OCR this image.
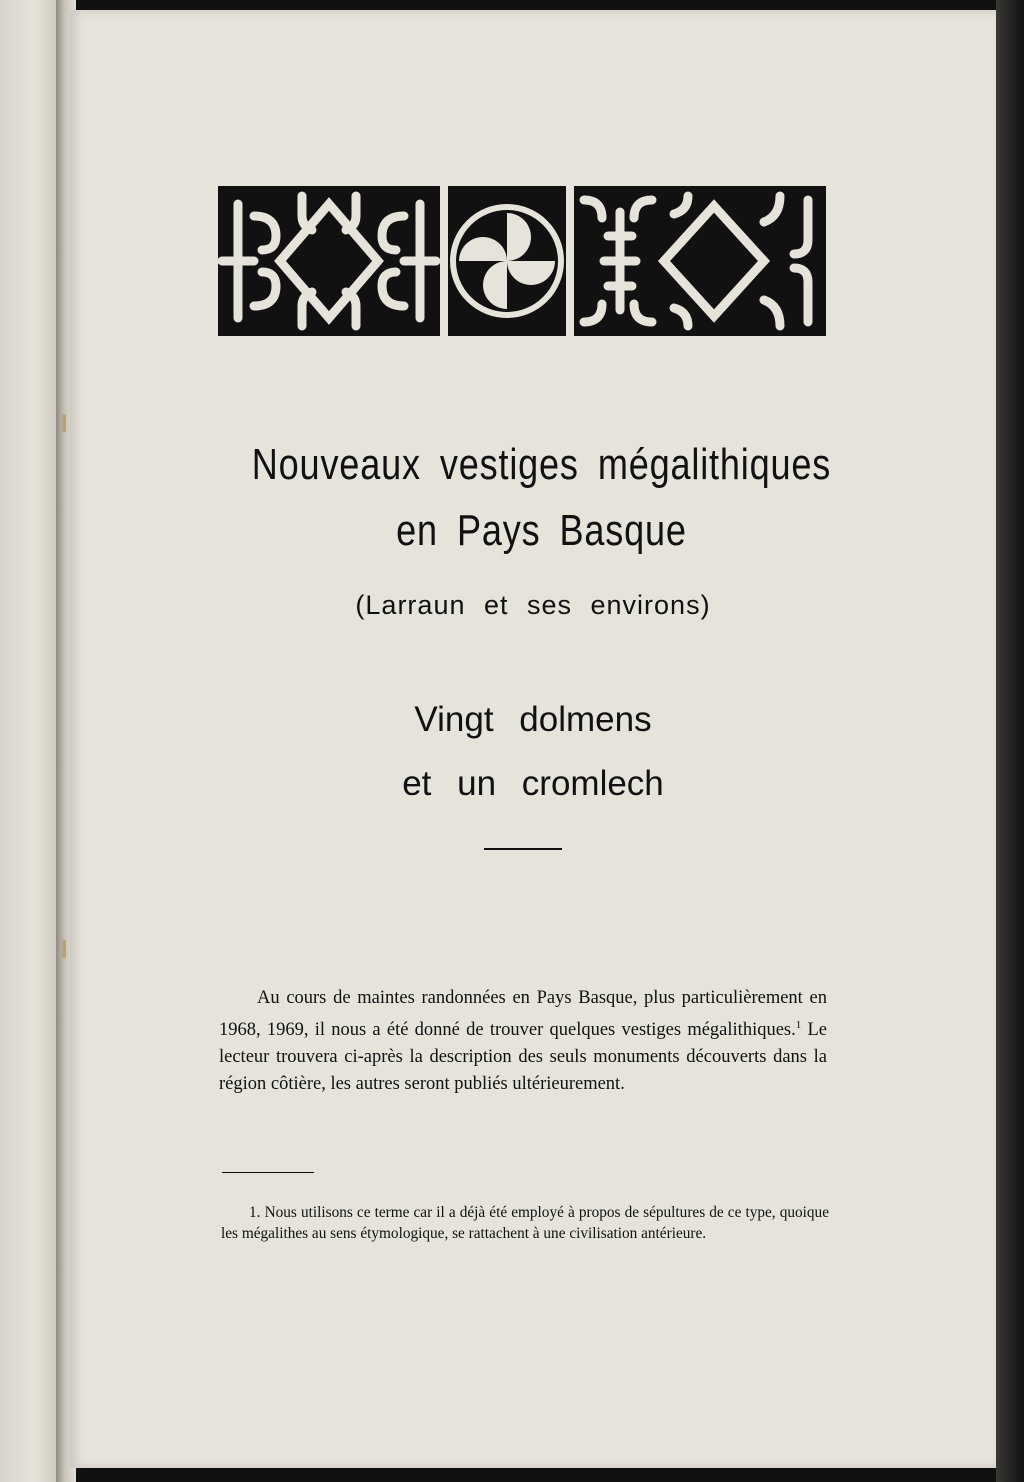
Nouveaux vestiges mégalithiques
en Pays Basque
(Larraun et ses environs)
Vingt dolmens
et un cromlech

Au cours de maintes randonnées en Pays Basque, plus particulièrement en 1968, 1969, il nous a été donné de trouver quelques vestiges mégalithiques.$^1$ Le lecteur trouvera ci-après la description des seuls monuments découverts dans la région côtière, les autres seront publiés ultérieurement.

1. Nous utilisons ce terme car il a déjà été employé à propos de sépultures de ce type, quoique les mégalithes au sens étymologique, se rattachent à une civilisation antérieure.
